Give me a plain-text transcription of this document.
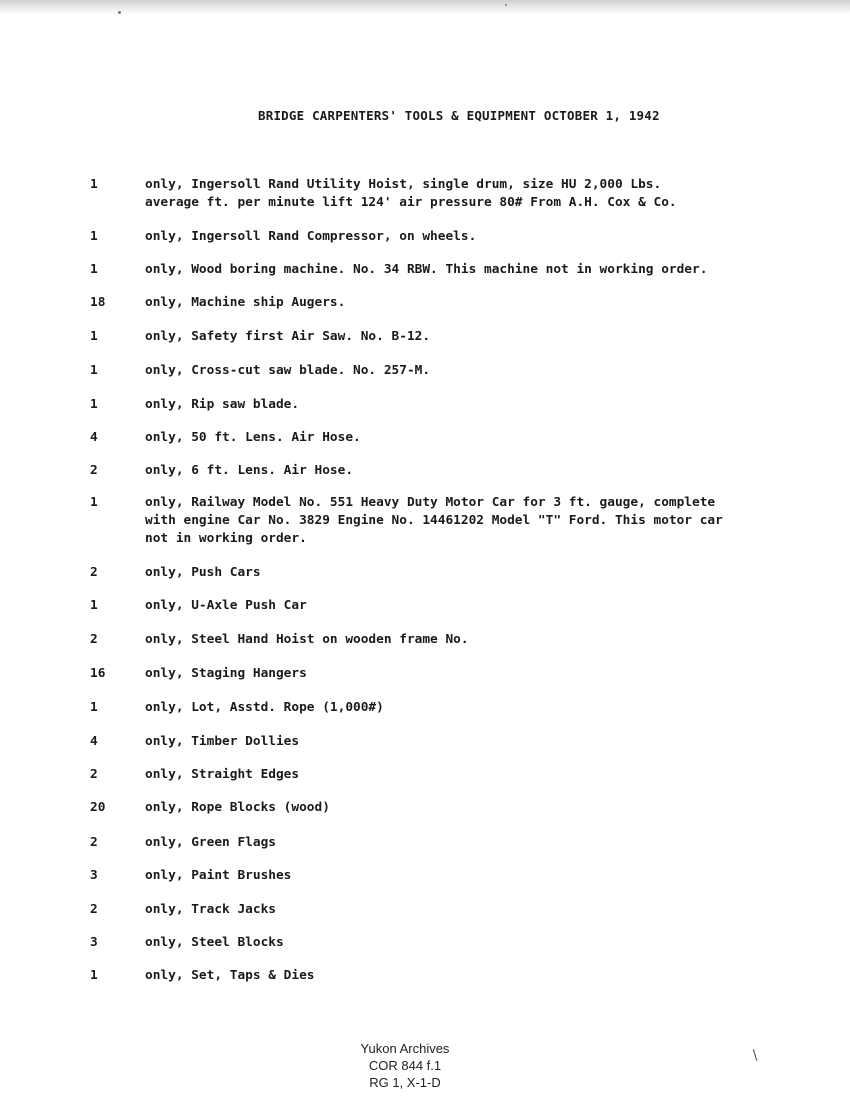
BRIDGE CARPENTERS' TOOLS & EQUIPMENT OCTOBER 1, 1942
1	only, Ingersoll Rand Utility Hoist, single drum, size HU 2,000 Lbs.
average ft. per minute lift 124' air pressure 80# From A.H. Cox & Co.
1	only, Ingersoll Rand Compressor, on wheels.
1	only, Wood boring machine. No. 34 RBW. This machine not in working order.
18	only, Machine ship Augers.
1	only, Safety first Air Saw. No. B-12.
1	only, Cross-cut saw blade. No. 257-M.
1	only, Rip saw blade.
4	only, 50 ft. Lens. Air Hose.
2	only, 6 ft. Lens. Air Hose.
1	only, Railway Model No. 551 Heavy Duty Motor Car for 3 ft. gauge, complete
with engine Car No. 3829 Engine No. 14461202 Model "T" Ford. This motor car
not in working order.
2	only, Push Cars
1	only, U-Axle Push Car
2	only, Steel Hand Hoist on wooden frame No.
16	only, Staging Hangers
1	only, Lot, Asstd. Rope (1,000#)
4	only, Timber Dollies
2	only, Straight Edges
20	only, Rope Blocks (wood)
2	only, Green Flags
3	only, Paint Brushes
2	only, Track Jacks
3	only, Steel Blocks
1	only, Set, Taps & Dies
∖
Yukon Archives
COR 844 f.1
RG 1, X-1-D
